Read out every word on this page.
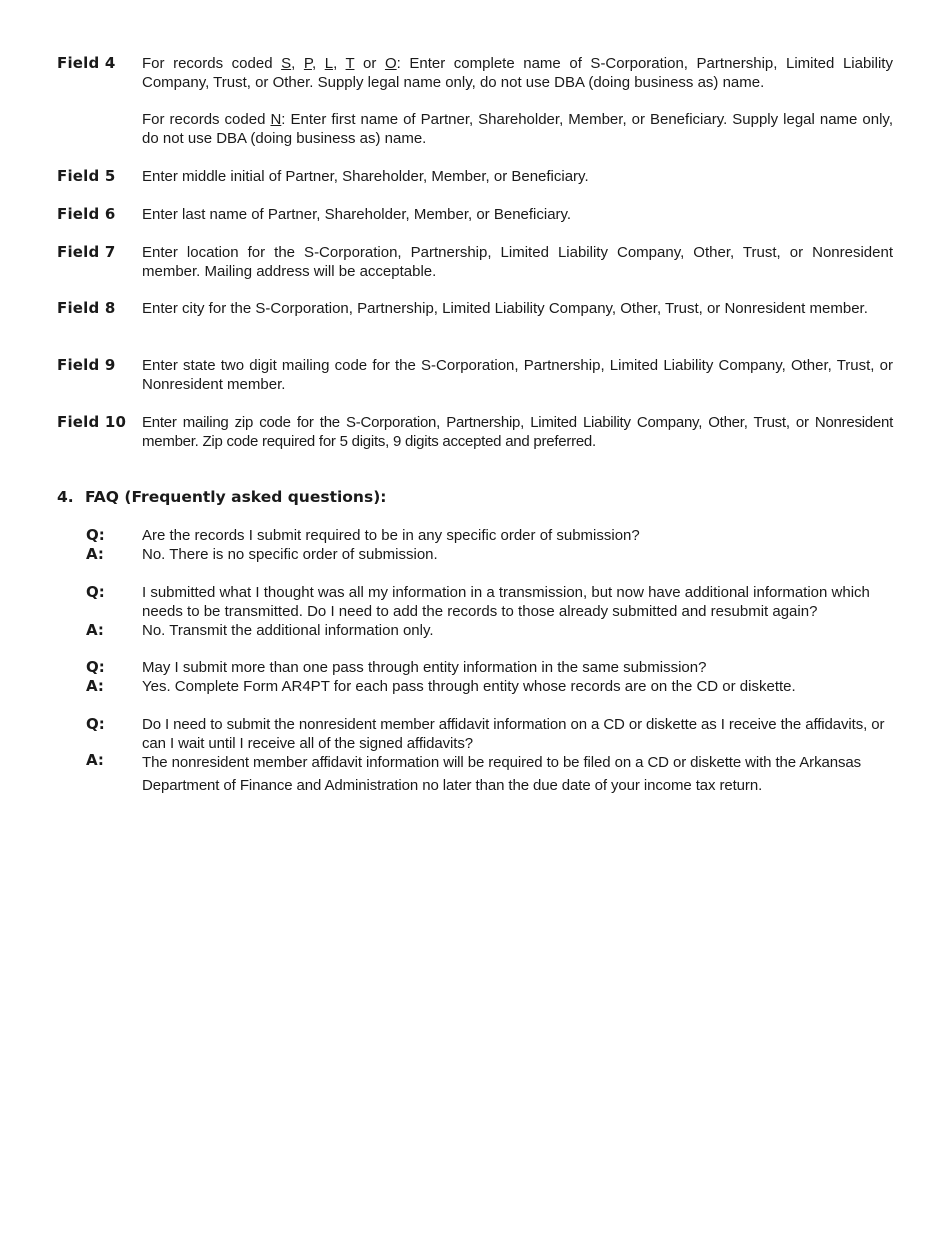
Field 4	For records coded S, P, L, T or O: Enter complete name of S-Corporation, Partnership, Limited Liability Company, Trust, or Other. Supply legal name only, do not use DBA (doing business as) name.
For records coded N: Enter first name of Partner, Shareholder, Member, or Beneficiary. Supply legal name only, do not use DBA (doing business as) name.
Field 5	Enter middle initial of Partner, Shareholder, Member, or Beneficiary.
Field 6	Enter last name of Partner, Shareholder, Member, or Beneficiary.
Field 7	Enter location for the S-Corporation, Partnership, Limited Liability Company, Other, Trust, or Nonresident member. Mailing address will be acceptable.
Field 8	Enter city for the S-Corporation, Partnership, Limited Liability Company, Other, Trust, or Nonresident member.
Field 9	Enter state two digit mailing code for the S-Corporation, Partnership, Limited Liability Company, Other, Trust, or Nonresident member.
Field 10	Enter mailing zip code for the S-Corporation, Partnership, Limited Liability Company, Other, Trust, or Nonresident member. Zip code required for 5 digits, 9 digits accepted and preferred.
4. FAQ (Frequently asked questions):
Q:	Are the records I submit required to be in any specific order of submission?
A:	No. There is no specific order of submission.
Q:	I submitted what I thought was all my information in a transmission, but now have additional information which needs to be transmitted. Do I need to add the records to those already submitted and resubmit again?
A:	No. Transmit the additional information only.
Q:	May I submit more than one pass through entity information in the same submission?
A:	Yes. Complete Form AR4PT for each pass through entity whose records are on the CD or diskette.
Q:	Do I need to submit the nonresident member affidavit information on a CD or diskette as I receive the affidavits, or can I wait until I receive all of the signed affidavits?
A:	The nonresident member affidavit information will be required to be filed on a CD or diskette with the Arkansas Department of Finance and Administration no later than the due date of your income tax return.
